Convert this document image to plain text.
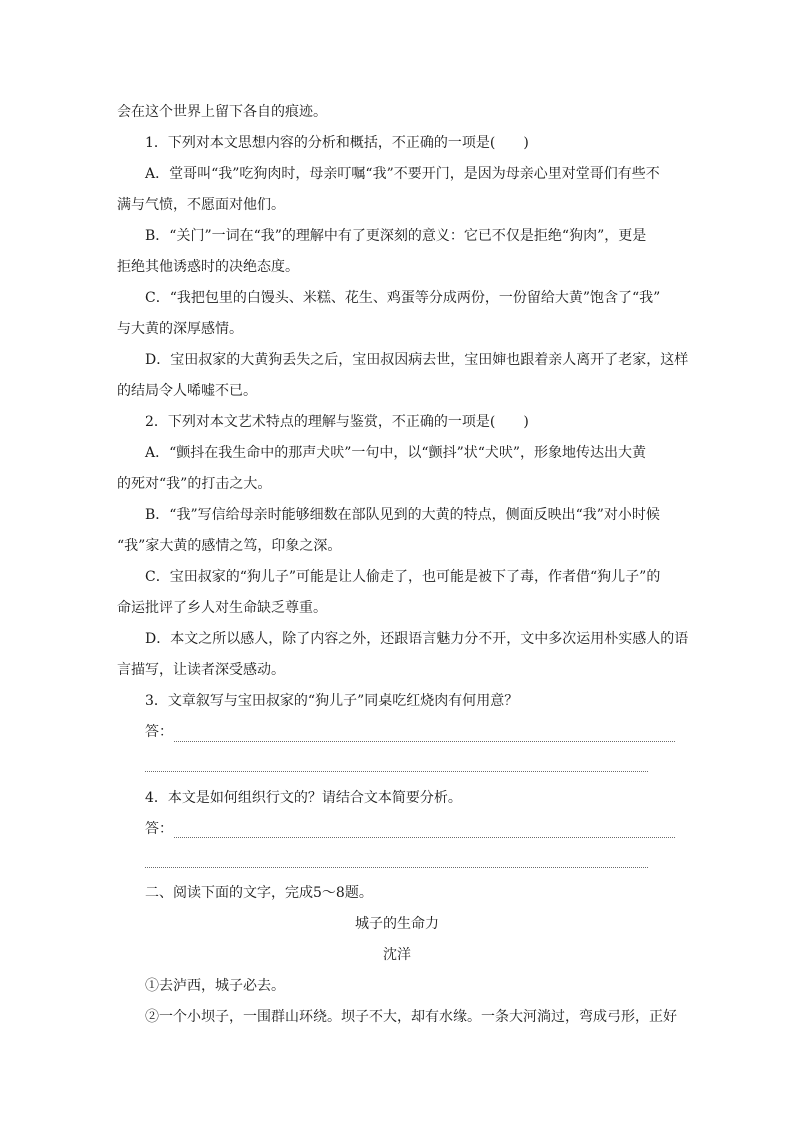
会在这个世界上留下各自的痕迹。
1．下列对本文思想内容的分析和概括，不正确的一项是(　　)
A．堂哥叫“我”吃狗肉时，母亲叮嘱“我”不要开门，是因为母亲心里对堂哥们有些不
满与气愤，不愿面对他们。
B．“关门”一词在“我”的理解中有了更深刻的意义：它已不仅是拒绝“狗肉”，更是
拒绝其他诱惑时的决绝态度。
C．“我把包里的白馒头、米糕、花生、鸡蛋等分成两份，一份留给大黄”饱含了“我”
与大黄的深厚感情。
D．宝田叔家的大黄狗丢失之后，宝田叔因病去世，宝田婶也跟着亲人离开了老家，这样
的结局令人唏嘘不已。
2．下列对本文艺术特点的理解与鉴赏，不正确的一项是(　　)
A．“颤抖在我生命中的那声犬吠”一句中，以“颤抖”状“犬吠”，形象地传达出大黄
的死对“我”的打击之大。
B．“我”写信给母亲时能够细数在部队见到的大黄的特点，侧面反映出“我”对小时候
“我”家大黄的感情之笃，印象之深。
C．宝田叔家的“狗儿子”可能是让人偷走了，也可能是被下了毒，作者借“狗儿子”的
命运批评了乡人对生命缺乏尊重。
D．本文之所以感人，除了内容之外，还跟语言魅力分不开，文中多次运用朴实感人的语
言描写，让读者深受感动。
3．文章叙写与宝田叔家的“狗儿子”同桌吃红烧肉有何用意？
答：
4．本文是如何组织行文的？请结合文本简要分析。
答：
二、阅读下面的文字，完成5～8题。
城子的生命力
沈洋
①去泸西，城子必去。
②一个小坝子，一围群山环绕。坝子不大，却有水缘。一条大河淌过，弯成弓形，正好
